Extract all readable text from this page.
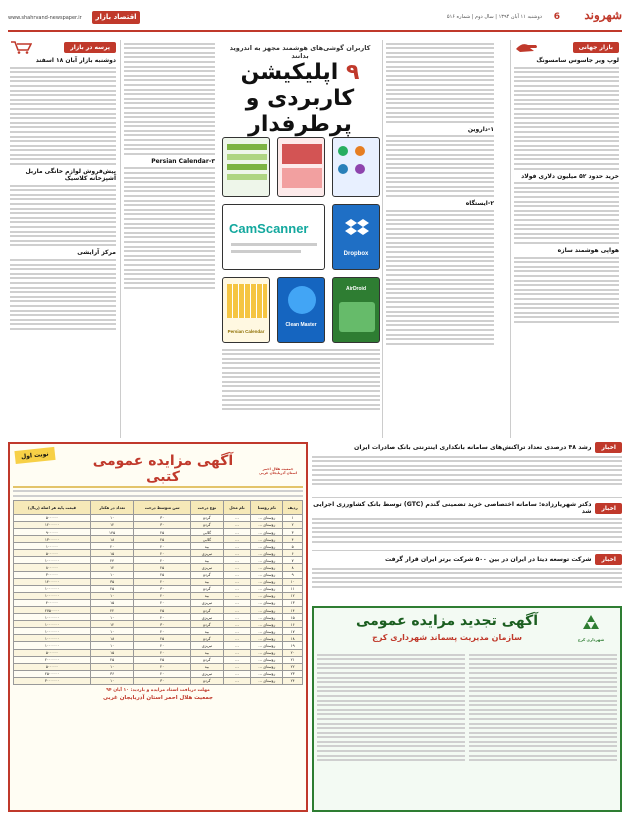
شهروند
6
دوشنبه ۱۱ آبان ۱۳۹۴ | سال دوم | شماره ۵۱۶
اقتصاد بازار
www.shahrvand-newspaper.ir
بازار جهانی
لوپ ویر جاسوس سامسونگ
خرید حدود ۵۲ میلیون دلاری فولاد
هواپی هوشمند سازه
۱-داروین
۲-ایستگاه
کاربران گوشی‌های هوشمند مجهز به اندروید بدانند
۹ اپلیکیشن
کاربردی و پرطرفدار
Dropbox
CamScanner
AirDroid
Clean Master
Persian Calendar
۳-Persian Calendar
پرسه در بازار
دوشنبه بازار آبان ۱۸ اسفند
پیش‌فروش لوازم خانگی ماربل آشپزخانه کلاسیک
مرکز آرایشی
نوبت اول	آگهی مزایده عمومی کتبی	جمعیت هلال احمر استان آذربایجان غربی
ردیف	نام روستا	نام محل	نوع درخت	سن متوسط درخت	تعداد در هکتار	قیمت پایه هر اصله (ریال)
۱	روستای ...	...	گردو	۳۰	۱۰	۵۰۰۰۰۰
۲	روستای ...	...	گردو	۳۰	۱۲	۱۲۰۰۰۰۰
۳	روستای ...	...	گلابی	۲۵	۱۴۵	۹۰۰۰۰۰
۴	روستای ...	...	گلابی	۲۵	۱۸	۱۳۰۰۰۰۰
۵	روستای ...	...	بید	۲۰	۲۰	۱۰۰۰۰۰
۶	روستای ...	...	تبریزی	۲۰	۱۵	۵۰۰۰۰۰
۷	روستای ...	...	بید	۲۰	۲۴	۱۰۰۰۰۰۰
۸	روستای ...	...	تبریزی	۲۵	۱۲	۸۰۰۰۰۰
۹	روستای ...	...	گردو	۲۵	۱۰	۳۰۰۰۰۰
۱۰	روستای ...	...	بید	۲۰	۳۵	۱۴۰۰۰۰۰
۱۱	روستای ...	...	گردو	۳۰	۲۵	۱۰۰۰۰۰۰
۱۲	روستای ...	...	بید	۲۰	۱۰	۱۰۰۰۰۰۰
۱۳	روستای ...	...	تبریزی	۲۰	۱۵	۴۰۰۰۰۰
۱۴	روستای ...	...	گردو	۲۵	۲۲	۲۷۵۰۰۰۰
۱۵	روستای ...	...	تبریزی	۲۰	۱۰	۱۰۰۰۰۰۰
۱۶	روستای ...	...	گردو	۳۰	۱۲	۱۰۰۰۰۰۰
۱۷	روستای ...	...	بید	۲۰	۱۰	۱۰۰۰۰۰۰
۱۸	روستای ...	...	گردو	۲۵	۱۸	۱۰۰۰۰۰۰
۱۹	روستای ...	...	تبریزی	۲۰	۱۰	۱۰۰۰۰۰۰
۲۰	روستای ...	...	بید	۲۰	۱۵	۵۰۰۰۰۰
۲۱	روستای ...	...	گردو	۲۵	۲۵	۲۰۰۰۰۰۰
۲۲	روستای ...	...	بید	۲۰	۱۰	۵۰۰۰۰۰
۲۳	روستای ...	...	تبریزی	۲۰	۳۶	۲۵۰۰۰۰۰
۲۴	روستای ...	...	گردو	۳۰	۱۰	۳۰۰۰۰۰۰
مهلت دریافت اسناد مزایده و بازدید: ۱۰ آبان ۹۴
جمعیت هلال احمر استان آذربایجان غربی
اخبار
رشد ۴۸ درصدی تعداد تراکنش‌های سامانه بانکداری اینترنتی بانک صادرات ایران
اخبار
دکتر شهریار‌زاده: سامانه اختصاصی خرید تضمینی گندم (GTC) توسط بانک کشاورزی اجرایی شد
اخبار
شرکت توسعه دیتا در ایران در بین ۵۰۰ شرکت برتر ایران قرار گرفت
شهرداری کرج
آگهی تجدید مزایده عمومی
سازمان مدیریت پسماند شهرداری کرج
